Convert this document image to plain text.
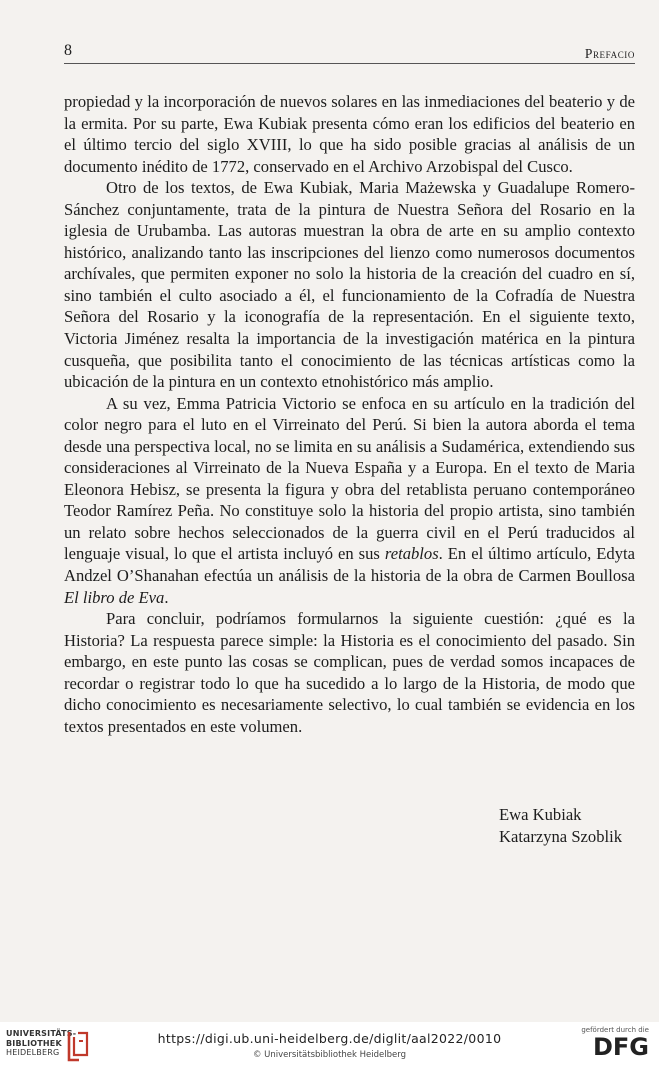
8	Prefacio

propiedad y la incorporación de nuevos solares en las inmediaciones del beaterio y de la ermita. Por su parte, Ewa Kubiak presenta cómo eran los edificios del beaterio en el último tercio del siglo XVIII, lo que ha sido posible gracias al análisis de un documento inédito de 1772, conservado en el Archivo Arzobispal del Cusco.

Otro de los textos, de Ewa Kubiak, Maria Mażewska y Guadalupe Romero-Sánchez conjuntamente, trata de la pintura de Nuestra Señora del Rosario en la iglesia de Urubamba. Las autoras muestran la obra de arte en su amplio contexto histórico, analizando tanto las inscripciones del lienzo como numerosos documentos archívales, que permiten exponer no solo la historia de la creación del cuadro en sí, sino también el culto asociado a él, el funcionamiento de la Cofradía de Nuestra Señora del Rosario y la iconografía de la representación. En el siguiente texto, Victoria Jiménez resalta la importancia de la investigación matérica en la pintura cusqueña, que posibilita tanto el conocimiento de las técnicas artísticas como la ubicación de la pintura en un contexto etnohistórico más amplio.

A su vez, Emma Patricia Victorio se enfoca en su artículo en la tradición del color negro para el luto en el Virreinato del Perú. Si bien la autora aborda el tema desde una perspectiva local, no se limita en su análisis a Sudamérica, extendiendo sus consideraciones al Virreinato de la Nueva España y a Europa. En el texto de Maria Eleonora Hebisz, se presenta la figura y obra del retablista peruano contemporáneo Teodor Ramírez Peña. No constituye solo la historia del propio artista, sino también un relato sobre hechos seleccionados de la guerra civil en el Perú traducidos al lenguaje visual, lo que el artista incluyó en sus retablos. En el último artículo, Edyta Andzel O’Shanahan efectúa un análisis de la historia de la obra de Carmen Boullosa El libro de Eva.

Para concluir, podríamos formularnos la siguiente cuestión: ¿qué es la Historia? La respuesta parece simple: la Historia es el conocimiento del pasado. Sin embargo, en este punto las cosas se complican, pues de verdad somos incapaces de recordar o registrar todo lo que ha sucedido a lo largo de la Historia, de modo que dicho conocimiento es necesariamente selectivo, lo cual también se evidencia en los textos presentados en este volumen.

Ewa Kubiak
Katarzyna Szoblik
UNIVERSITÄTS-
BIBLIOTHEK
HEIDELBERG
https://digi.ub.uni-heidelberg.de/diglit/aal2022/0010
© Universitätsbibliothek Heidelberg
gefördert durch die
DFG
